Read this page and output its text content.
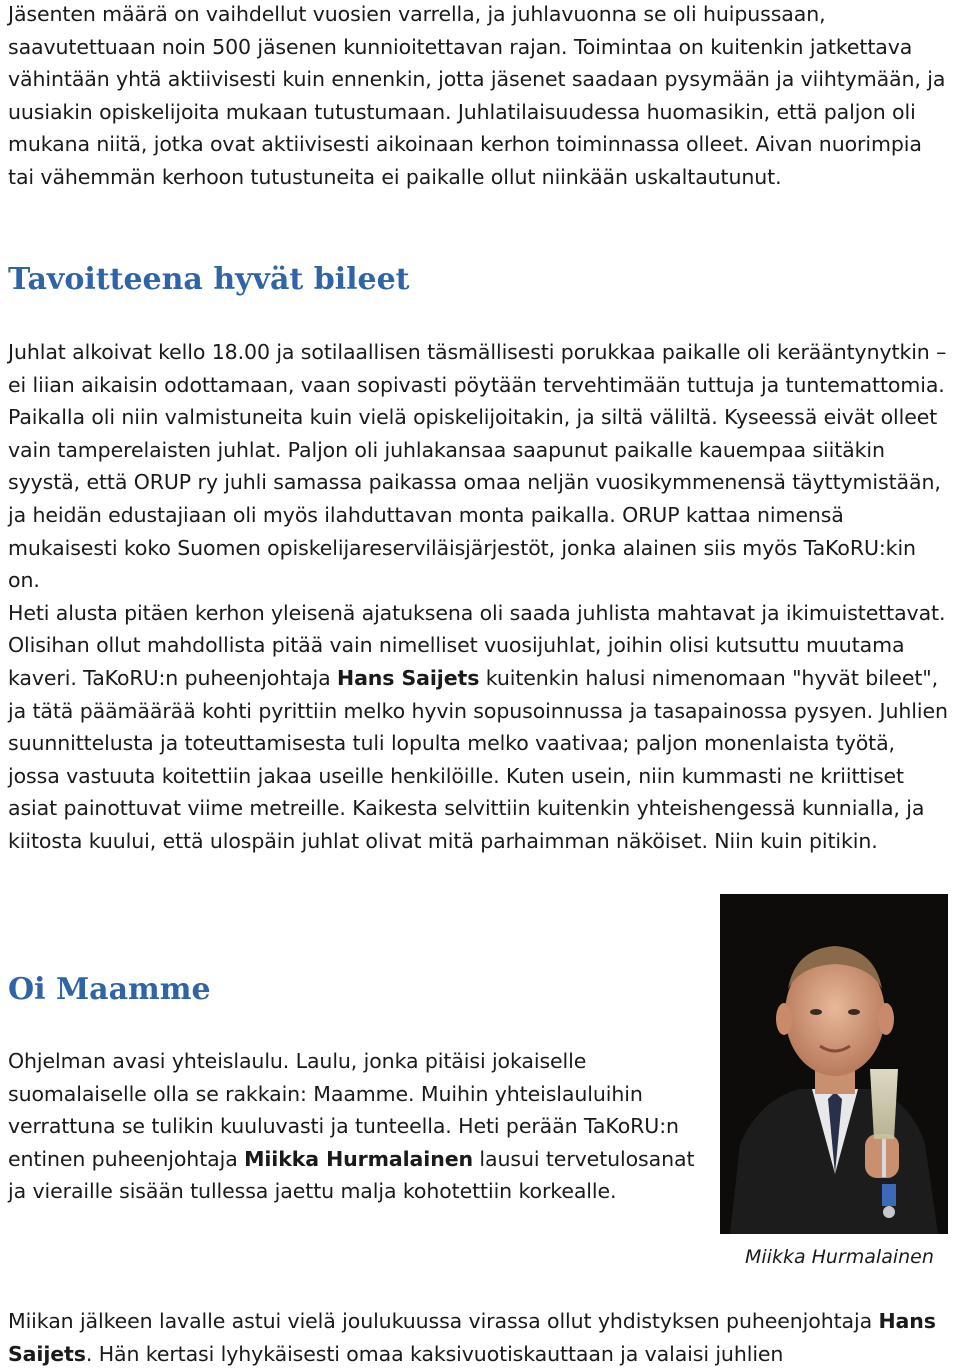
Jäsenten määrä on vaihdellut vuosien varrella, ja juhlavuonna se oli huipussaan, saavutettuaan noin 500 jäsenen kunnioitettavan rajan. Toimintaa on kuitenkin jatkettava vähintään yhtä aktiivisesti kuin ennenkin, jotta jäsenet saadaan pysymään ja viihtymään, ja uusiakin opiskelijoita mukaan tutustumaan. Juhlatilaisuudessa huomasikin, että paljon oli mukana niitä, jotka ovat aktiivisesti aikoinaan kerhon toiminnassa olleet. Aivan nuorimpia tai vähemmän kerhoon tutustuneita ei paikalle ollut niinkään uskaltautunut.

Tavoitteena hyvät bileet

Juhlat alkoivat kello 18.00 ja sotilaallisen täsmällisesti porukkaa paikalle oli kerääntynytkin – ei liian aikaisin odottamaan, vaan sopivasti pöytään tervehtimään tuttuja ja tuntemattomia. Paikalla oli niin valmistuneita kuin vielä opiskelijoitakin, ja siltä väliltä. Kyseessä eivät olleet vain tamperelaisten juhlat. Paljon oli juhlakansaa saapunut paikalle kauempaa siitäkin syystä, että ORUP ry juhli samassa paikassa omaa neljän vuosikymmenensä täyttymistään, ja heidän edustajiaan oli myös ilahduttavan monta paikalla. ORUP kattaa nimensä mukaisesti koko Suomen opiskelijareserviläisjärjestöt, jonka alainen siis myös TaKoRU:kin on.

Heti alusta pitäen kerhon yleisenä ajatuksena oli saada juhlista mahtavat ja ikimuistettavat. Olisihan ollut mahdollista pitää vain nimelliset vuosijuhlat, joihin olisi kutsuttu muutama kaveri. TaKoRU:n puheenjohtaja Hans Saijets kuitenkin halusi nimenomaan "hyvät bileet", ja tätä päämäärää kohti pyrittiin melko hyvin sopusoinnussa ja tasapainossa pysyen. Juhlien suunnittelusta ja toteuttamisesta tuli lopulta melko vaativaa; paljon monenlaista työtä, jossa vastuuta koitettiin jakaa useille henkilöille. Kuten usein, niin kummasti ne kriittiset asiat painottuvat viime metreille. Kaikesta selvittiin kuitenkin yhteishengessä kunnialla, ja kiitosta kuului, että ulospäin juhlat olivat mitä parhaimman näköiset. Niin kuin pitikin.

Oi Maamme

Ohjelman avasi yhteislaulu. Laulu, jonka pitäisi jokaiselle suomalaiselle olla se rakkain: Maamme. Muihin yhteislauluihin verrattuna se tulikin kuuluvasti ja tunteella. Heti perään TaKoRU:n entinen puheenjohtaja Miikka Hurmalainen lausui tervetulosanat ja vieraille sisään tullessa jaettu malja kohotettiin korkealle.

Miikka Hurmalainen

Miikan jälkeen lavalle astui vielä joulukuussa virassa ollut yhdistyksen puheenjohtaja Hans Saijets. Hän kertasi lyhykäisesti omaa kaksivuotiskauttaan ja valaisi juhlien
